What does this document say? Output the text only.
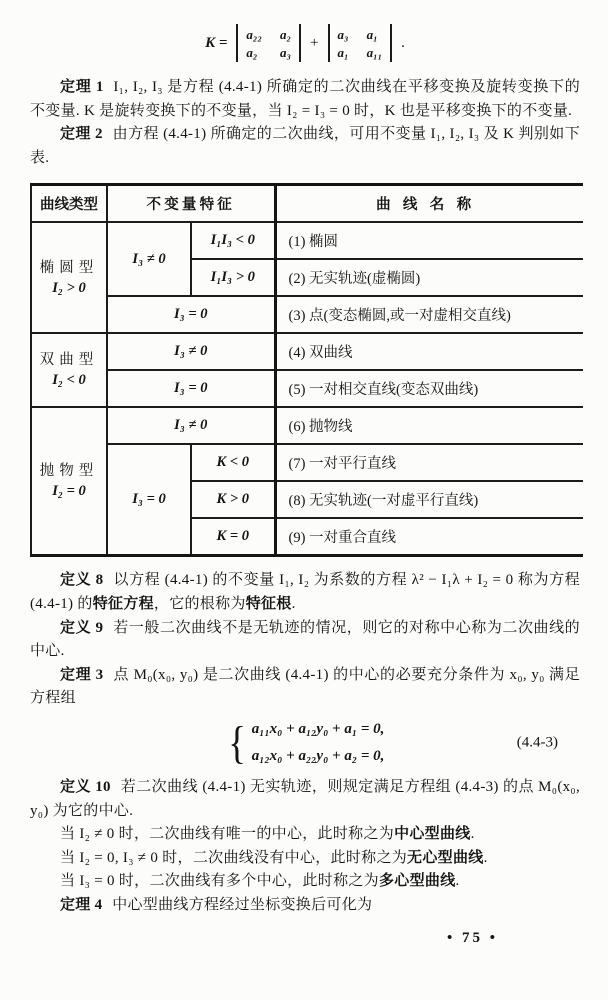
K = a₂₂ a₂
a₂	a₃
+ a₃ a₁
a₁ a₁₁
.

定理 1 I₁, I₂, I₃ 是方程 (4.4-1) 所确定的二次曲线在平移变换及旋转变换下的不变量. K 是旋转变换下的不变量，当 I₂ = I₃ = 0 时，K 也是平移变换下的不变量.

定理 2 由方程 (4.4-1) 所确定的二次曲线，可用不变量 I₁, I₂, I₃ 及 K 判别如下表.

曲线类型	不变量特征		曲线名称

椭圆型
I₂ > 0	I₃ ≠ 0	I₁I₃ < 0	(1) 椭圆
		I₁I₃ > 0	(2) 无实轨迹(虚椭圆)
	I₃ = 0		(3) 点(变态椭圆,或一对虚相交直线)

双曲型
I₂ < 0	I₃ ≠ 0		(4) 双曲线
	I₃ = 0		(5) 一对相交直线(变态双曲线)

抛物型
I₂ = 0	I₃ ≠ 0		(6) 抛物线
	I₃ = 0	K < 0	(7) 一对平行直线
		K > 0	(8) 无实轨迹(一对虚平行直线)
		K = 0	(9) 一对重合直线

定义 8 以方程 (4.4-1) 的不变量 I₁, I₂ 为系数的方程 λ² − I₁λ + I₂ = 0 称为方程 (4.4-1) 的特征方程，它的根称为特征根.

定义 9 若一般二次曲线不是无轨迹的情况，则它的对称中心称为二次曲线的中心.

定理 3 点 M₀(x₀, y₀) 是二次曲线 (4.4-1) 的中心的必要充分条件为 x₀, y₀ 满足方程组

{ a₁₁x₀ + a₁₂y₀ + a₁ = 0,
a₁₂x₀ + a₂₂y₀ + a₂ = 0,
(4.4-3)

定义 10 若二次曲线 (4.4-1) 无实轨迹，则规定满足方程组 (4.4-3) 的点 M₀(x₀, y₀) 为它的中心.

当 I₂ ≠ 0 时，二次曲线有唯一的中心，此时称之为中心型曲线.

当 I₂ = 0, I₃ ≠ 0 时，二次曲线没有中心，此时称之为无心型曲线.

当 I₃ = 0 时，二次曲线有多个中心，此时称之为多心型曲线.

定理 4 中心型曲线方程经过坐标变换后可化为

• 75 •
